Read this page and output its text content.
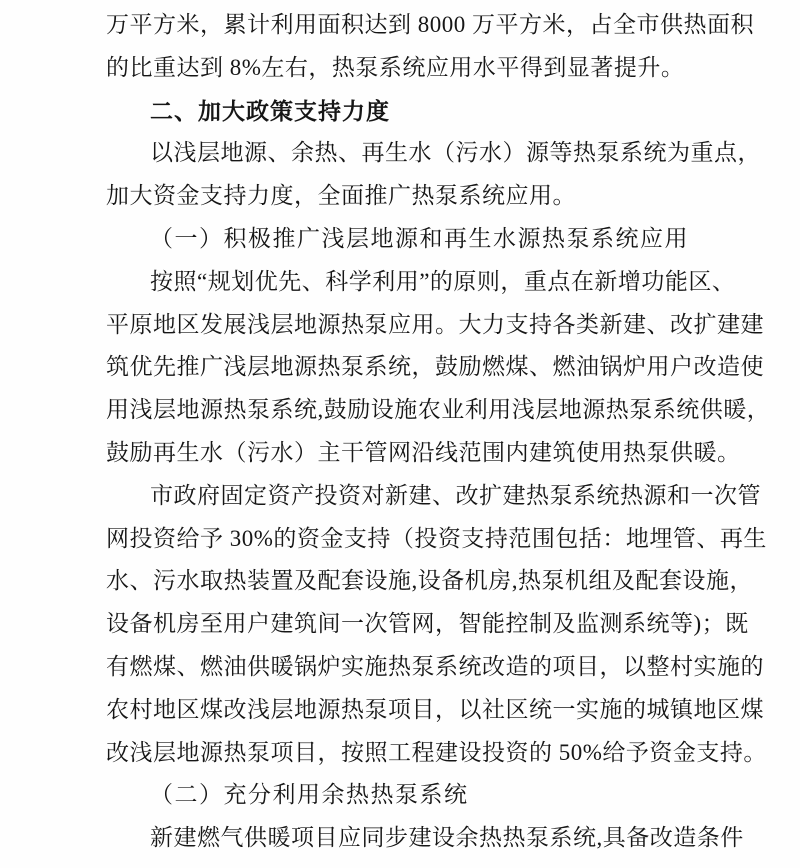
万平方米，累计利用面积达到 8000 万平方米，占全市供热面积
的比重达到 8%左右，热泵系统应用水平得到显著提升。
二、加大政策支持力度
以浅层地源、余热、再生水（污水）源等热泵系统为重点，
加大资金支持力度，全面推广热泵系统应用。
（一）积极推广浅层地源和再生水源热泵系统应用
按照“规划优先、科学利用”的原则，重点在新增功能区、
平原地区发展浅层地源热泵应用。大力支持各类新建、改扩建建
筑优先推广浅层地源热泵系统，鼓励燃煤、燃油锅炉用户改造使
用浅层地源热泵系统,鼓励设施农业利用浅层地源热泵系统供暖，
鼓励再生水（污水）主干管网沿线范围内建筑使用热泵供暖。
市政府固定资产投资对新建、改扩建热泵系统热源和一次管
网投资给予 30%的资金支持（投资支持范围包括：地埋管、再生
水、污水取热装置及配套设施,设备机房,热泵机组及配套设施，
设备机房至用户建筑间一次管网，智能控制及监测系统等)；既
有燃煤、燃油供暖锅炉实施热泵系统改造的项目，以整村实施的
农村地区煤改浅层地源热泵项目，以社区统一实施的城镇地区煤
改浅层地源热泵项目，按照工程建设投资的 50%给予资金支持。
（二）充分利用余热热泵系统
新建燃气供暖项目应同步建设余热热泵系统,具备改造条件
